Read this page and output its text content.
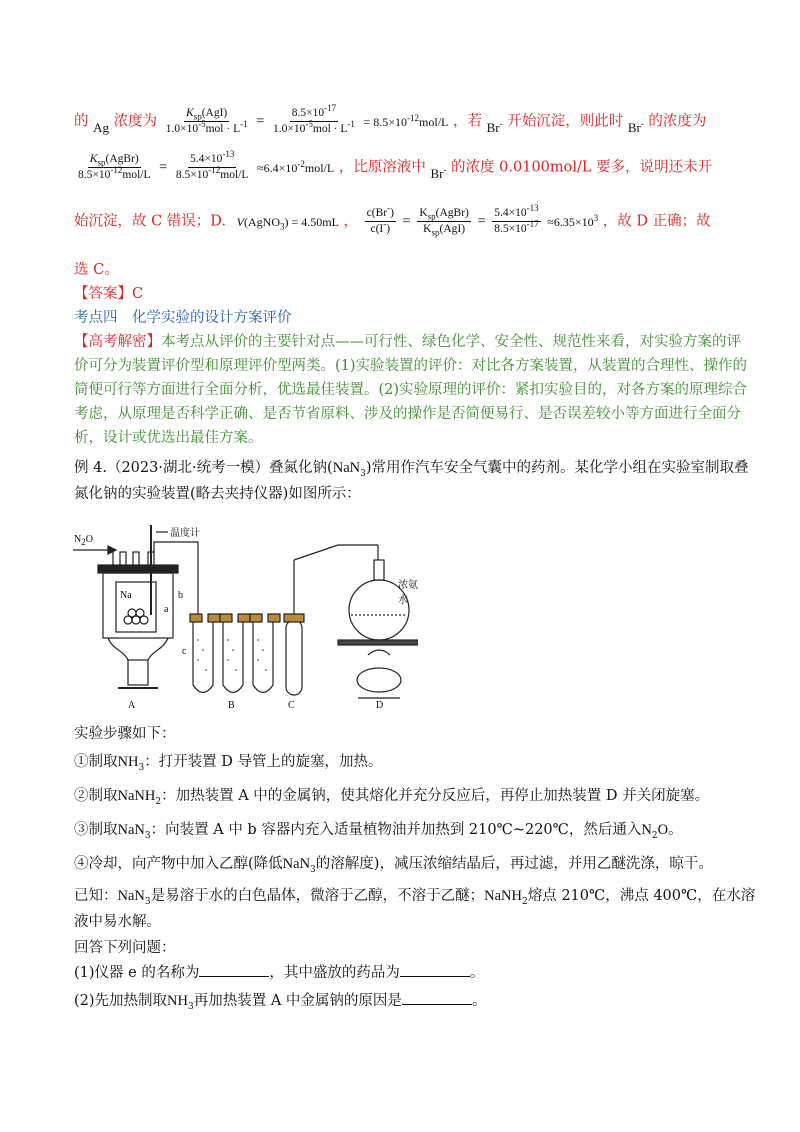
的 Ag 浓度为 $\frac{K_{sp}(AgI)}{1.0\times 10^{-5}mol \cdot L^{-1}} = \frac{8.5\times 10^{-17}}{1.0\times 10^{-5}mol \cdot L^{-1}} = 8.5\times 10^{-12}mol/L$ ，若 Br- 开始沉淀，则此时 Br- 的浓度为
$\frac{K_{sp}(AgBr)}{8.5\times 10^{-12}mol/L} = \frac{5.4\times 10^{-13}}{8.5\times 10^{-12}mol/L} \approx 6.4\times 10^{-2}mol/L$ ，比原溶液中 Br- 的浓度 0.0100mol/L 要多，说明还未开
始沉淀，故 C 错误；D. V(AgNO$_3$) = 4.50mL ， $\frac{c(Br^-)}{c(I^-)} = \frac{K_{sp}(AgBr)}{K_{sp}(AgI)} = \frac{5.4\times 10^{-13}}{8.5\times 10^{-17}} \approx 6.35\times 10^3$ ，故 D 正确；故
选 C。
【答案】C
考点四　化学实验的设计方案评价
【高考解密】本考点从评价的主要针对点——可行性、绿色化学、安全性、规范性来看，对实验方案的评
价可分为装置评价型和原理评价型两类。(1)实验装置的评价：对比各方案装置，从装置的合理性、操作的
简便可行等方面进行全面分析，优选最佳装置。(2)实验原理的评价：紧扣实验目的，对各方案的原理综合
考虑，从原理是否科学正确、是否节省原料、涉及的操作是否简便易行、是否误差较小等方面进行全面分
析，设计或优选出最佳方案。
例 4.（2023·湖北·统考一模）叠氮化钠(NaN$_3$)常用作汽车安全气囊中的药剂。某化学小组在实验室制取叠
氮化钠的实验装置(略去夹持仪器)如图所示：
$N_2O$
温度计
Na
a
b
c
浓氨水
A	B	C	D
实验步骤如下：
①制取$NH_3$：打开装置 D 导管上的旋塞，加热。
②制取NaNH$_2$：加热装置 A 中的金属钠，使其熔化并充分反应后，再停止加热装置 D 并关闭旋塞。
③制取NaN$_3$：向装置 A 中 b 容器内充入适量植物油并加热到 210℃~220℃，然后通入$N_2O$。
④冷却，向产物中加入乙醇(降低NaN$_3$的溶解度)，减压浓缩结晶后，再过滤，并用乙醚洗涤，晾干。
已知：NaN$_3$是易溶于水的白色晶体，微溶于乙醇，不溶于乙醚；NaNH$_2$熔点 210℃，沸点 400℃，在水溶
液中易水解。
回答下列问题：
(1)仪器 e 的名称为	，其中盛放的药品为	。
(2)先加热制取$NH_3$再加热装置 A 中金属钠的原因是	。
